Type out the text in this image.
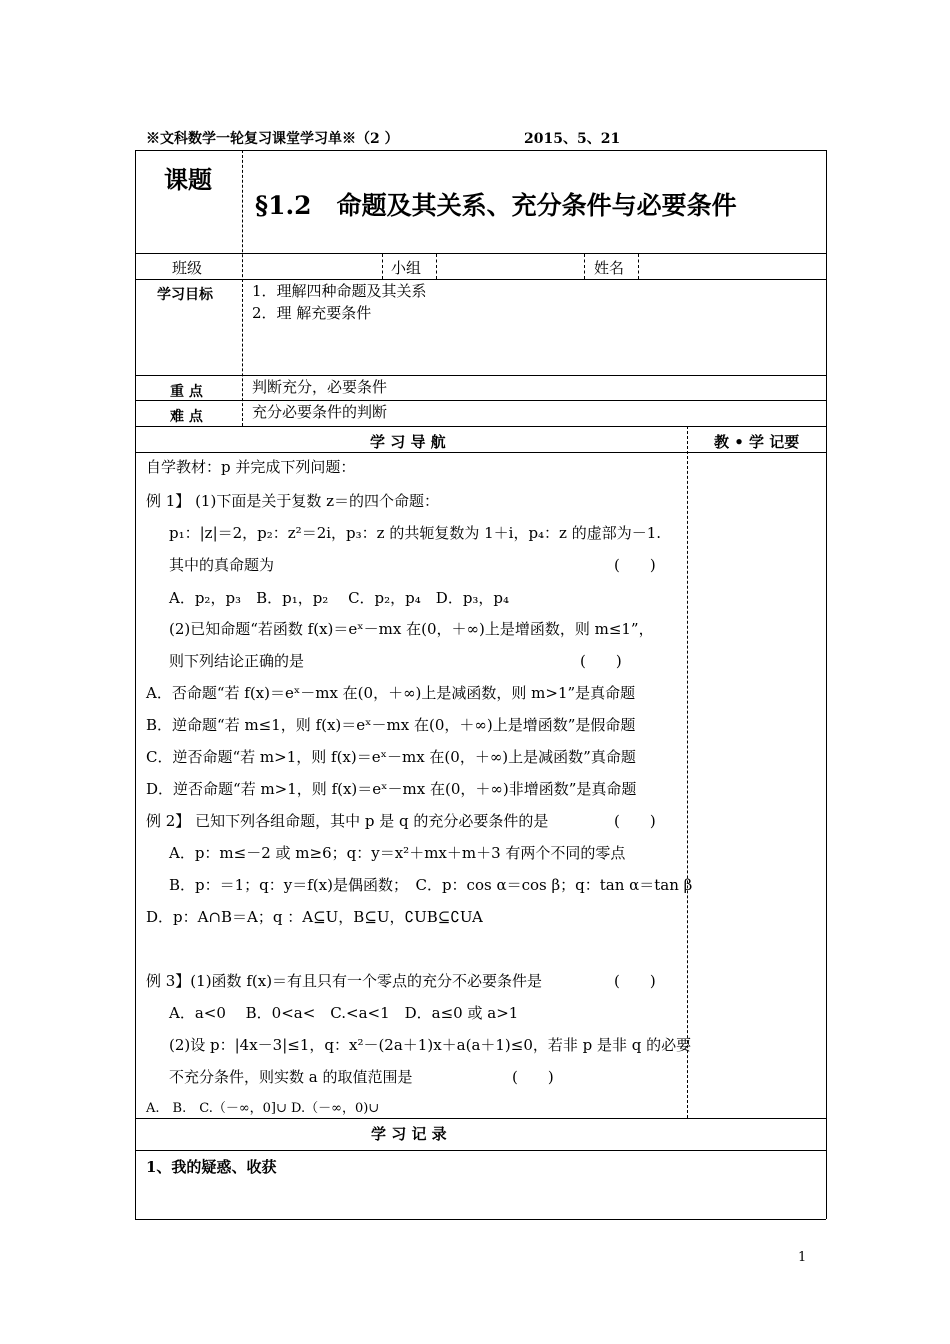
※文科数学一轮复习课堂学习单※（2 ）	2015、5、21
课题
§1.2　命题及其关系、充分条件与必要条件
班级	小组	姓名
学习目标	1．理解四种命题及其关系
2．理 解充要条件
重 点	判断充分，必要条件
难 点	充分必要条件的判断
学 习 导 航	教 • 学 记要
自学教材：p 并完成下列问题：
例 1】 (1)下面是关于复数 z＝的四个命题：
p₁：|z|＝2，p₂：z²＝2i，p₃：z 的共轭复数为 1＋i，p₄：z 的虚部为－1.
其中的真命题为	(　　)
A．p₂，p₃　B．p₁，p₂　 C．p₂，p₄　D．p₃，p₄
(2)已知命题“若函数 f(x)＝eˣ－mx 在(0，＋∞)上是增函数，则 m≤1”，
则下列结论正确的是	(　　)
A．否命题“若 f(x)＝eˣ－mx 在(0，＋∞)上是减函数，则 m>1”是真命题
B．逆命题“若 m≤1，则 f(x)＝eˣ－mx 在(0，＋∞)上是增函数”是假命题
C．逆否命题“若 m>1，则 f(x)＝eˣ－mx 在(0，＋∞)上是减函数”真命题
D．逆否命题“若 m>1，则 f(x)＝eˣ－mx 在(0，＋∞)非增函数”是真命题
例 2】 已知下列各组命题，其中 p 是 q 的充分必要条件的是	(　　)
A．p：m≤－2 或 m≥6；q：y＝x²＋mx＋m＋3 有两个不同的零点
B．p：＝1；q：y＝f(x)是偶函数；　C．p：cos α＝cos β；q：tan α＝tan β
D．p：A∩B＝A；q ：A⊆U，B⊆U，∁UB⊆∁UA
例 3】(1)函数 f(x)＝有且只有一个零点的充分不必要条件是	(　　)
A．a<0　 B．0<a<　C.<a<1　D．a≤0 或 a>1
(2)设 p：|4x－3|≤1，q：x²－(2a＋1)x＋a(a＋1)≤0，若非 p 是非 q 的必要
不充分条件，则实数 a 的取值范围是	(　　)
A.　B.　C.（－∞，0]∪ D.（－∞，0)∪
学 习 记 录
1、我的疑惑、收获
1
